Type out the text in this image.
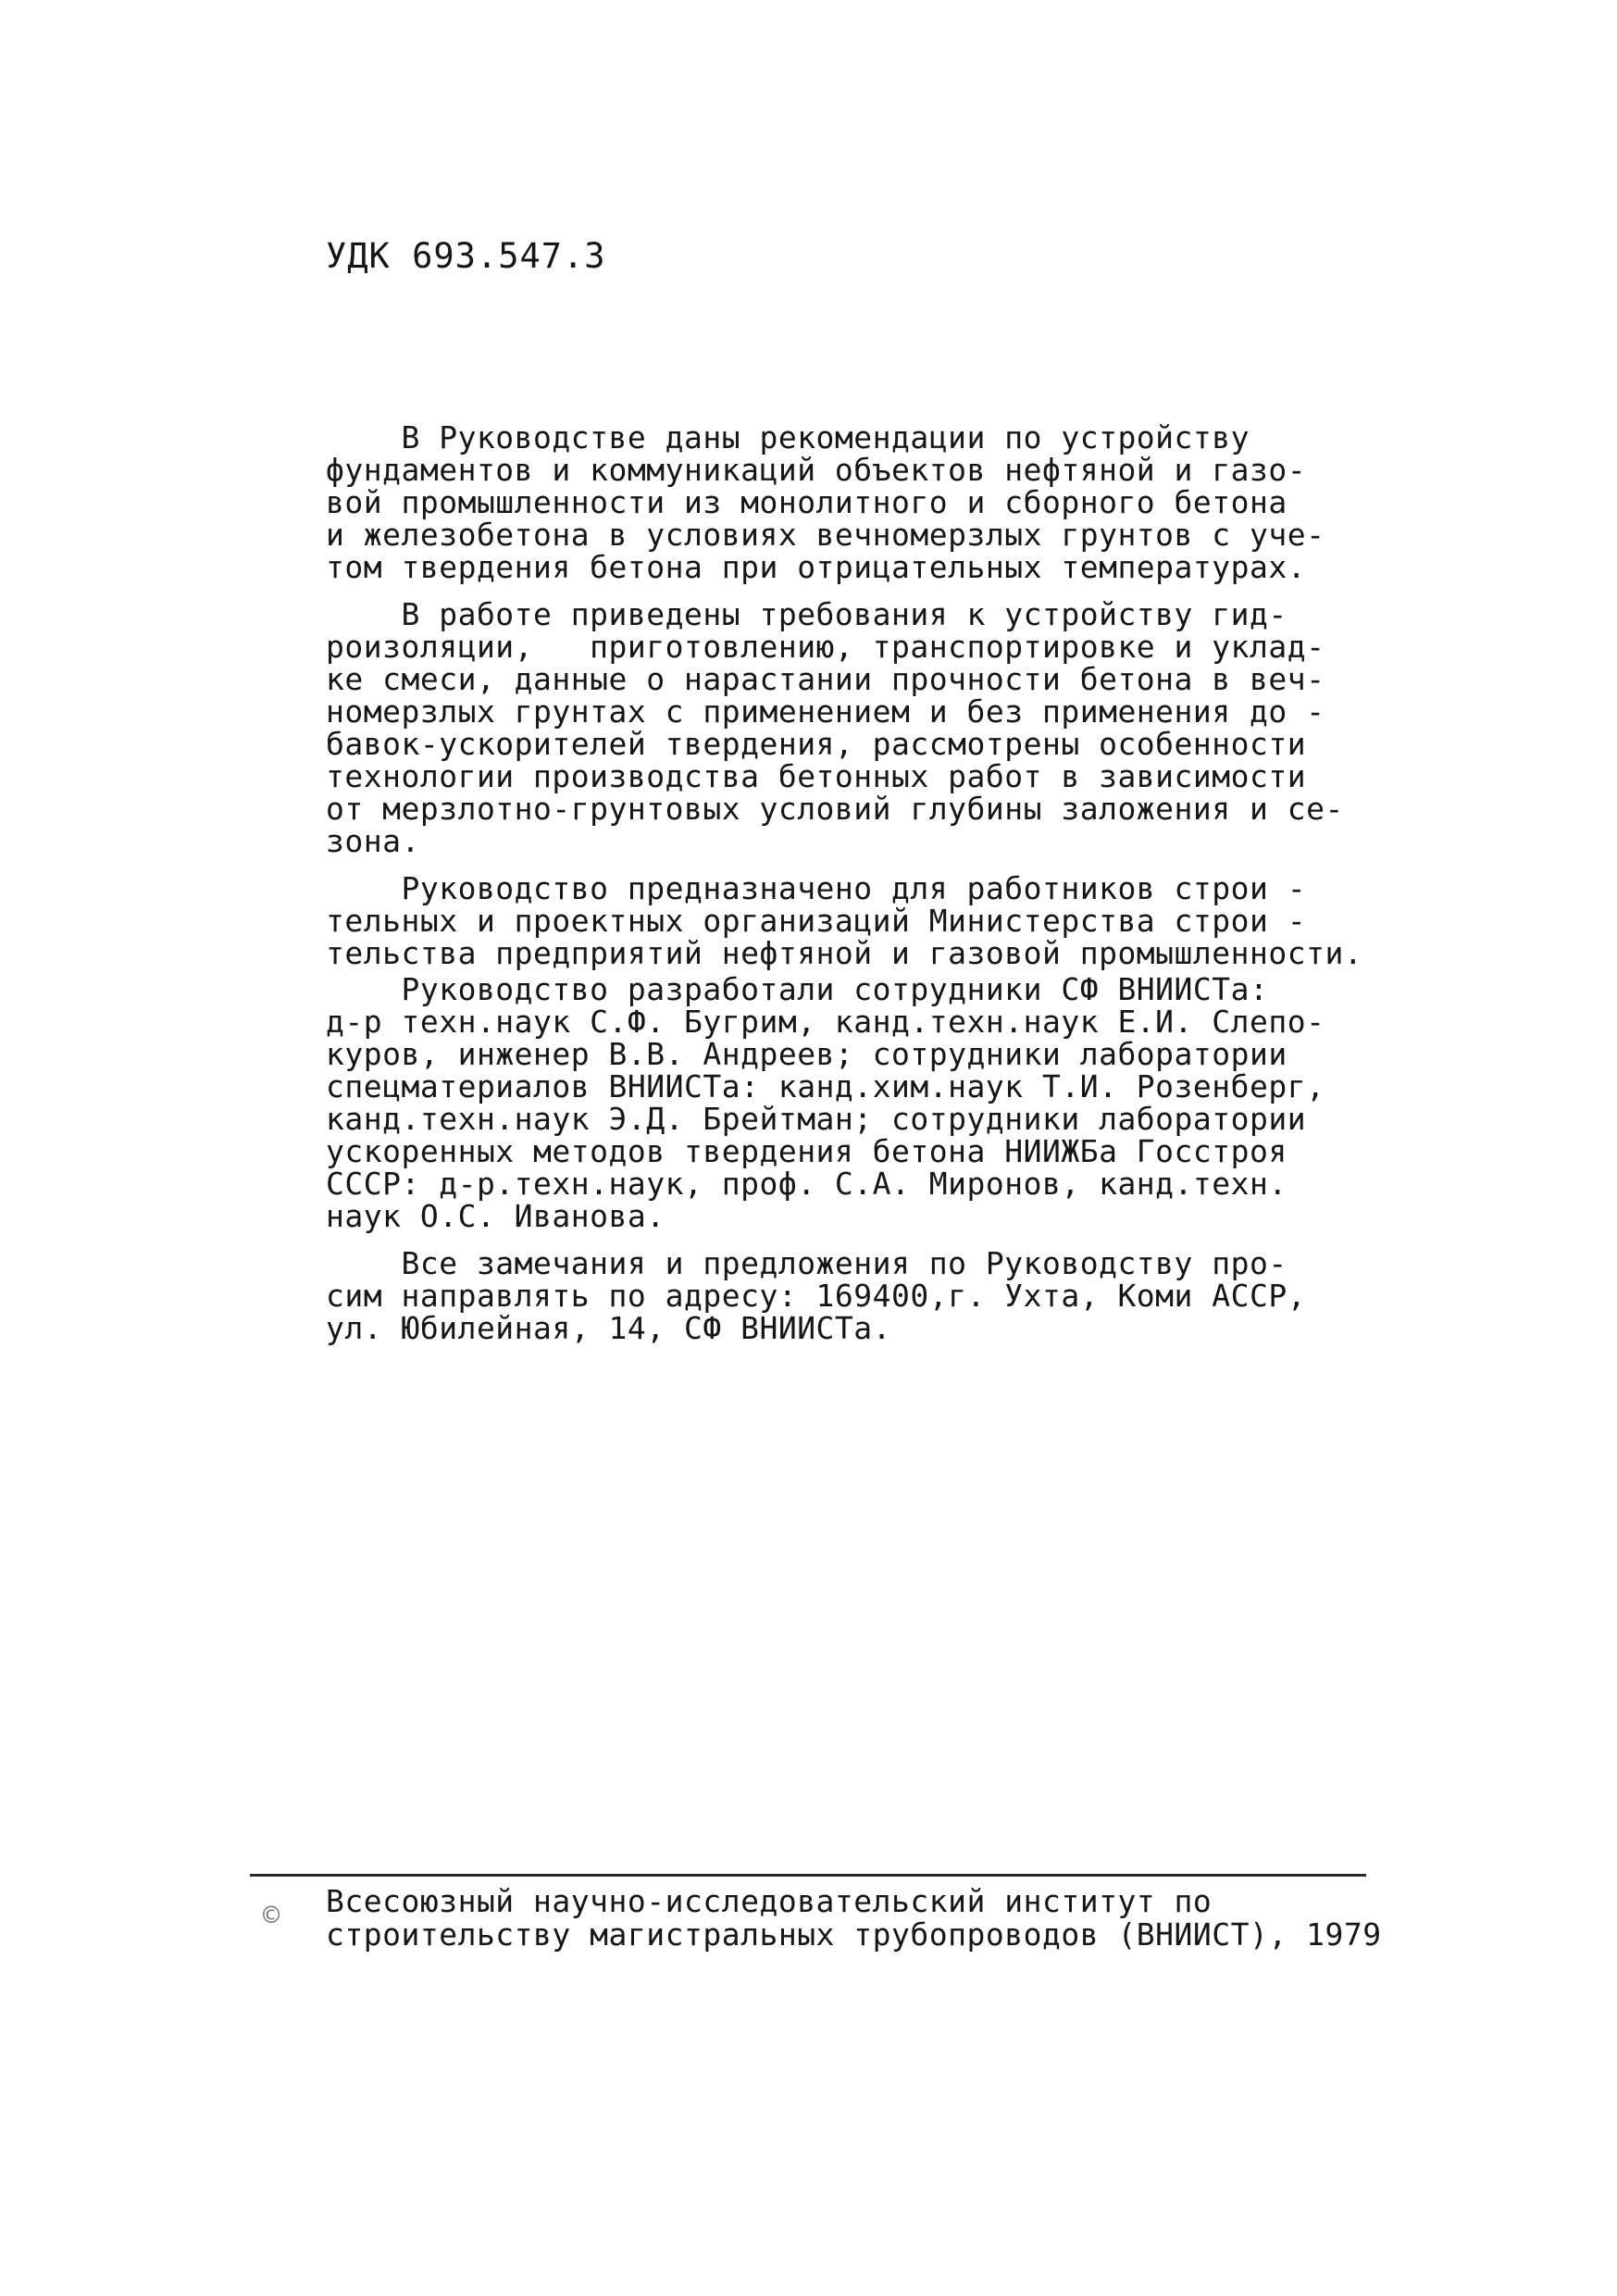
УДК 693.547.3

В Руководстве даны рекомендации по устройству
фундаментов и коммуникаций объектов нефтяной и газо-
вой промышленности из монолитного и сборного бетона
и железобетона в условиях вечномерзлых грунтов с уче-
том твердения бетона при отрицательных температурах.

В работе приведены требования к устройству гид-
роизоляции,   приготовлению, транспортировке и уклад-
ке смеси, данные о нарастании прочности бетона в веч-
номерзлых грунтах с применением и без применения до -
бавок-ускорителей твердения, рассмотрены особенности
технологии производства бетонных работ в зависимости
от мерзлотно-грунтовых условий глубины заложения и се-
зона.

Руководство предназначено для работников строи -
тельных и проектных организаций Министерства строи -
тельства предприятий нефтяной и газовой промышленности.

Руководство разработали сотрудники СФ ВНИИСТа:
д-р техн.наук С.Ф. Бугрим, канд.техн.наук Е.И. Слепо-
куров, инженер В.В. Андреев; сотрудники лаборатории
спецматериалов ВНИИСТа: канд.хим.наук Т.И. Розенберг,
канд.техн.наук Э.Д. Брейтман; сотрудники лаборатории
ускоренных методов твердения бетона НИИЖБа Госстроя
СССР: д-р.техн.наук, проф. С.А. Миронов, канд.техн.
наук О.С. Иванова.

Все замечания и предложения по Руководству про-
сим направлять по адресу: 169400,г. Ухта, Коми АССР,
ул. Юбилейная, 14, СФ ВНИИСТа.

©	Всесоюзный научно-исследовательский институт по
строительству магистральных трубопроводов (ВНИИСТ), 1979
